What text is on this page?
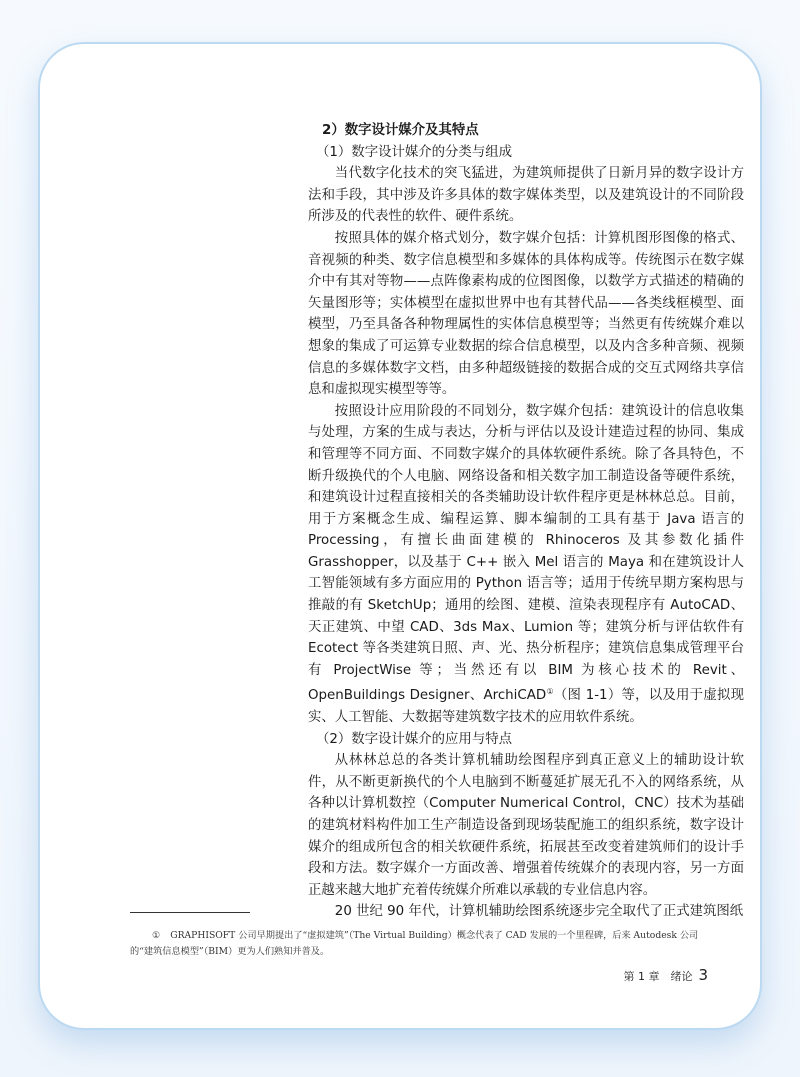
2）数字设计媒介及其特点
（1）数字设计媒介的分类与组成

当代数字化技术的突飞猛进，为建筑师提供了日新月异的数字设计方法和手段，其中涉及许多具体的数字媒体类型，以及建筑设计的不同阶段所涉及的代表性的软件、硬件系统。

按照具体的媒介格式划分，数字媒介包括：计算机图形图像的格式、音视频的种类、数字信息模型和多媒体的具体构成等。传统图示在数字媒介中有其对等物——点阵像素构成的位图图像，以数学方式描述的精确的矢量图形等；实体模型在虚拟世界中也有其替代品——各类线框模型、面模型，乃至具备各种物理属性的实体信息模型等；当然更有传统媒介难以想象的集成了可运算专业数据的综合信息模型，以及内含多种音频、视频信息的多媒体数字文档，由多种超级链接的数据合成的交互式网络共享信息和虚拟现实模型等等。

按照设计应用阶段的不同划分，数字媒介包括：建筑设计的信息收集与处理，方案的生成与表达，分析与评估以及设计建造过程的协同、集成和管理等不同方面、不同数字媒介的具体软硬件系统。除了各具特色，不断升级换代的个人电脑、网络设备和相关数字加工制造设备等硬件系统，和建筑设计过程直接相关的各类辅助设计软件程序更是林林总总。目前，用于方案概念生成、编程运算、脚本编制的工具有基于 Java 语言的 Processing，有擅长曲面建模的 Rhinoceros 及其参数化插件 Grasshopper，以及基于 C++ 嵌入 Mel 语言的 Maya 和在建筑设计人工智能领域有多方面应用的 Python 语言等；适用于传统早期方案构思与推敲的有 SketchUp；通用的绘图、建模、渲染表现程序有 AutoCAD、天正建筑、中望 CAD、3ds Max、Lumion 等；建筑分析与评估软件有 Ecotect 等各类建筑日照、声、光、热分析程序；建筑信息集成管理平台有 ProjectWise 等；当然还有以 BIM 为核心技术的 Revit、OpenBuildings Designer、ArchiCAD①（图 1-1）等，以及用于虚拟现实、人工智能、大数据等建筑数字技术的应用软件系统。

（2）数字设计媒介的应用与特点

从林林总总的各类计算机辅助绘图程序到真正意义上的辅助设计软件，从不断更新换代的个人电脑到不断蔓延扩展无孔不入的网络系统，从各种以计算机数控（Computer Numerical Control，CNC）技术为基础的建筑材料构件加工生产制造设备到现场装配施工的组织系统，数字设计媒介的组成所包含的相关软硬件系统，拓展甚至改变着建筑师们的设计手段和方法。数字媒介一方面改善、增强着传统媒介的表现内容，另一方面正越来越大地扩充着传统媒介所难以承载的专业信息内容。

20 世纪 90 年代，计算机辅助绘图系统逐步完全取代了正式建筑图纸

① GRAPHISOFT 公司早期提出了“虚拟建筑”（The Virtual Building）概念代表了 CAD 发展的一个里程碑，后来 Autodesk 公司的“建筑信息模型”（BIM）更为人们熟知并普及。
第 1 章　绪论 3
